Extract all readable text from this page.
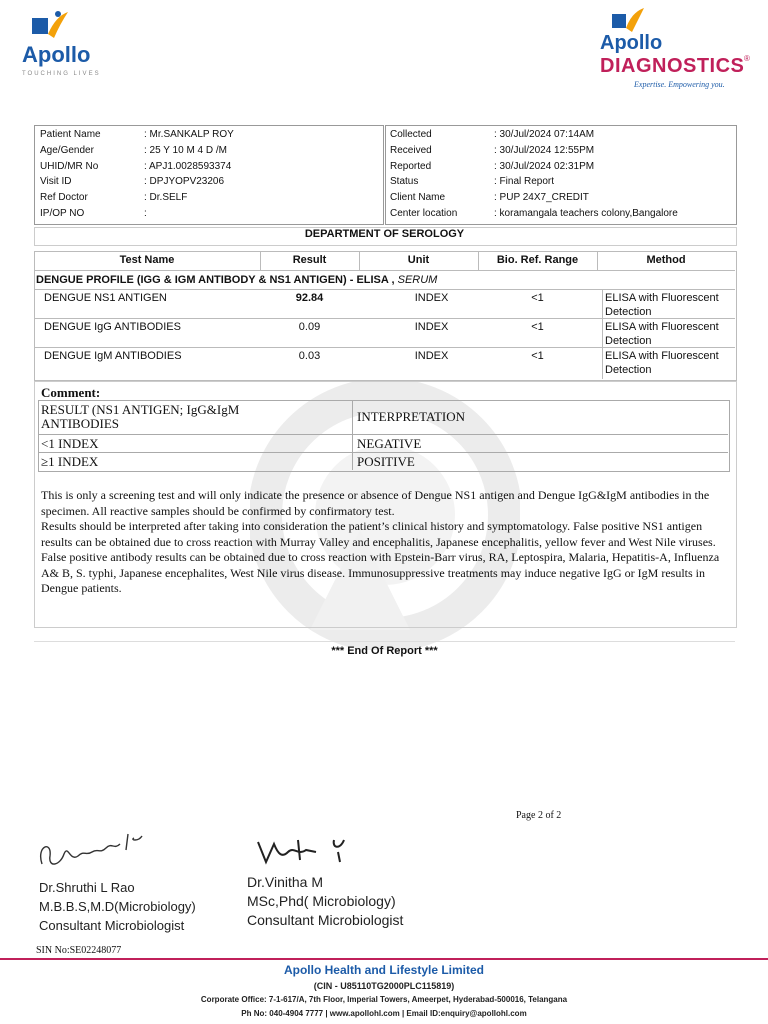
Apollo
TOUCHING LIVES
Apollo
DIAGNOSTICS ®
Expertise. Empowering you.
Patient Name	: Mr.SANKALP ROY
Age/Gender	: 25 Y 10 M 4 D /M
UHID/MR No	: APJ1.0028593374
Visit ID	: DPJYOPV23206
Ref Doctor	: Dr.SELF
IP/OP NO	:
Collected	: 30/Jul/2024 07:14AM
Received	: 30/Jul/2024 12:55PM
Reported	: 30/Jul/2024 02:31PM
Status	: Final Report
Client Name	: PUP 24X7_CREDIT
Center location	: koramangala teachers colony,Bangalore
DEPARTMENT OF SEROLOGY
Test Name	Result	Unit	Bio. Ref. Range	Method
DENGUE PROFILE (IGG & IGM ANTIBODY & NS1 ANTIGEN) - ELISA , SERUM
DENGUE NS1 ANTIGEN	92.84	INDEX	<1	ELISA with Fluorescent
Detection
DENGUE IgG ANTIBODIES	0.09	INDEX	<1	ELISA with Fluorescent
Detection
DENGUE IgM ANTIBODIES	0.03	INDEX	<1	ELISA with Fluorescent
Detection
Comment:
RESULT (NS1 ANTIGEN; IgG&IgM
ANTIBODIES	INTERPRETATION
<1 INDEX	NEGATIVE
≥1 INDEX	POSITIVE
This is only a screening test and will only indicate the presence or absence of Dengue NS1 antigen and Dengue IgG&IgM antibodies in the specimen. All reactive samples should be confirmed by confirmatory test.
Results should be interpreted after taking into consideration the patient’s clinical history and symptomatology. False positive NS1 antigen results can be obtained due to cross reaction with Murray Valley and encephalitis, Japanese encephalitis, yellow fever and West Nile viruses. False positive antibody results can be obtained due to cross reaction with Epstein-Barr virus, RA, Leptospira, Malaria, Hepatitis-A, Influenza A& B, S. typhi, Japanese encephalites, West Nile virus disease. Immunosuppressive treatments may induce negative IgG or IgM results in Dengue patients.
*** End Of Report ***
Page 2 of 2
Dr.Shruthi L Rao
M.B.B.S,M.D(Microbiology)
Consultant Microbiologist
Dr.Vinitha M
MSc,Phd( Microbiology)
Consultant Microbiologist
SIN No:SE02248077
Apollo Health and Lifestyle Limited
(CIN - U85110TG2000PLC115819)
Corporate Office: 7-1-617/A, 7th Floor, Imperial Towers, Ameerpet, Hyderabad-500016, Telangana
Ph No: 040-4904 7777 | www.apollohl.com | Email ID:enquiry@apollohl.com
